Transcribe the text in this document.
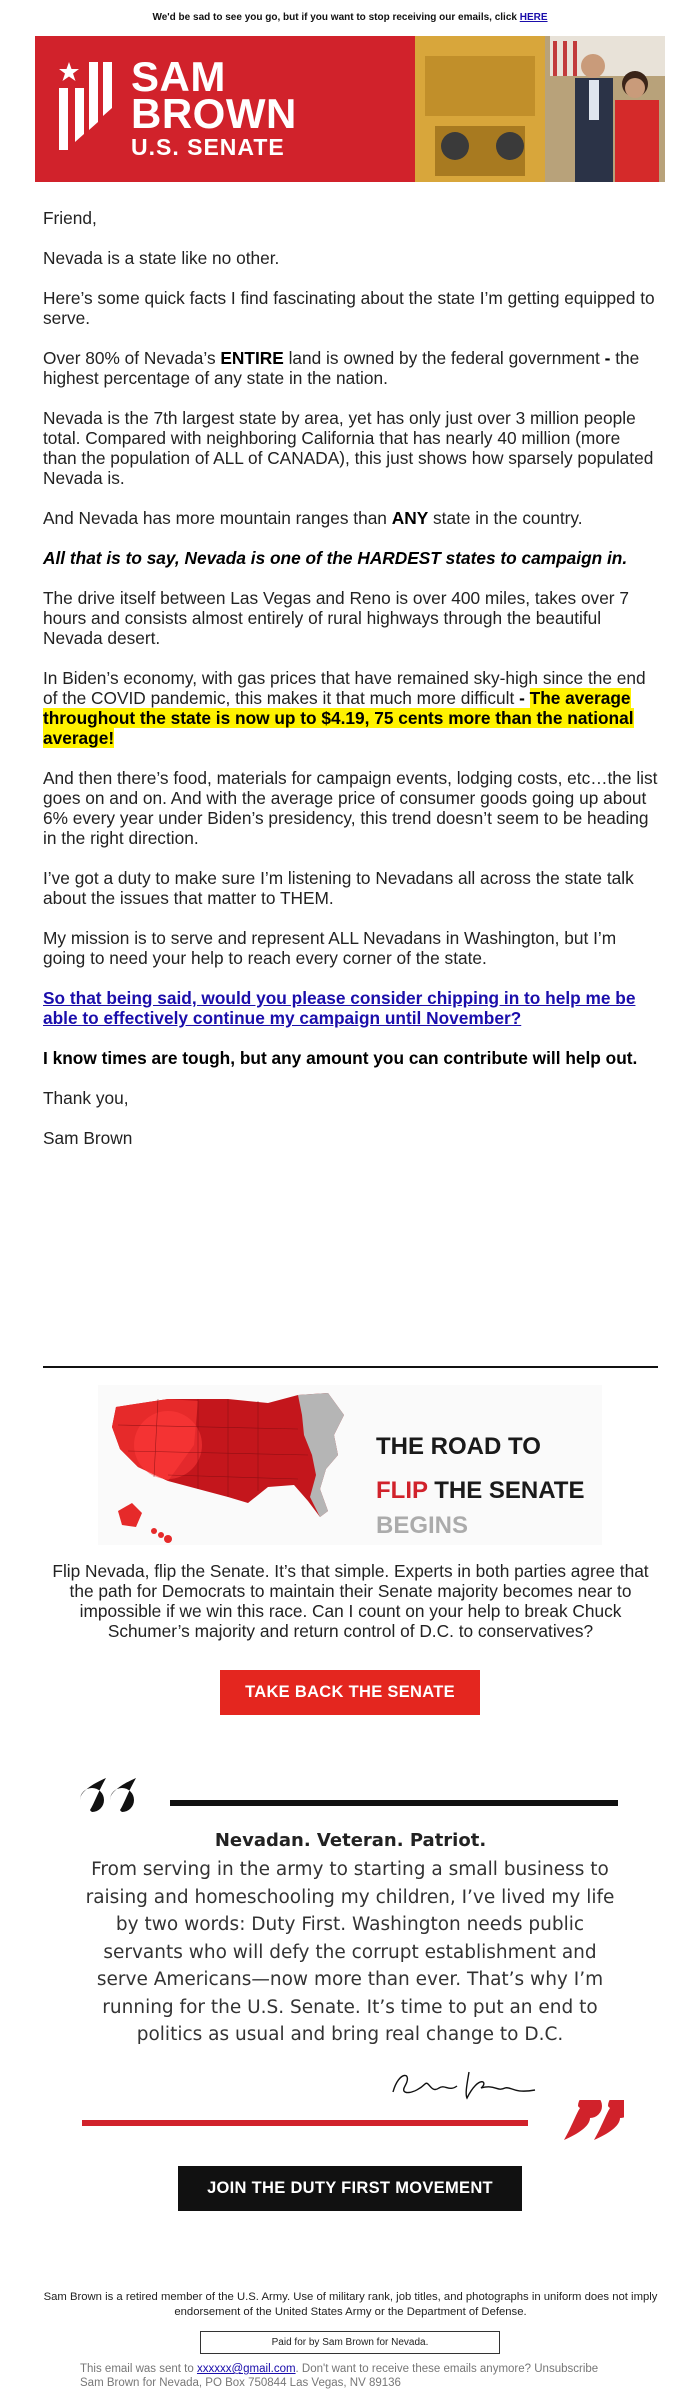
We'd be sad to see you go, but if you want to stop receiving our emails, click HERE
SAM
BROWN
U.S. SENATE

Friend,

Nevada is a state like no other.

Here’s some quick facts I find fascinating about the state I’m getting equipped to serve.

Over 80% of Nevada’s ENTIRE land is owned by the federal government - the highest percentage of any state in the nation.

Nevada is the 7th largest state by area, yet has only just over 3 million people total. Compared with neighboring California that has nearly 40 million (more than the population of ALL of CANADA), this just shows how sparsely populated Nevada is.

And Nevada has more mountain ranges than ANY state in the country.

All that is to say, Nevada is one of the HARDEST states to campaign in.

The drive itself between Las Vegas and Reno is over 400 miles, takes over 7 hours and consists almost entirely of rural highways through the beautiful Nevada desert.

In Biden’s economy, with gas prices that have remained sky-high since the end of the COVID pandemic, this makes it that much more difficult - The average throughout the state is now up to $4.19, 75 cents more than the national average!

And then there’s food, materials for campaign events, lodging costs, etc…the list goes on and on. And with the average price of consumer goods going up about 6% every year under Biden’s presidency, this trend doesn’t seem to be heading in the right direction.

I’ve got a duty to make sure I’m listening to Nevadans all across the state talk about the issues that matter to THEM.

My mission is to serve and represent ALL Nevadans in Washington, but I’m going to need your help to reach every corner of the state.

So that being said, would you please consider chipping in to help me be able to effectively continue my campaign until November?

I know times are tough, but any amount you can contribute will help out.

Thank you,

Sam Brown

THE ROAD TO
FLIP THE SENATE
BEGINS
Flip Nevada, flip the Senate. It’s that simple. Experts in both parties agree that the path for Democrats to maintain their Senate majority becomes near to impossible if we win this race. Can I count on your help to break Chuck Schumer’s majority and return control of D.C. to conservatives?
TAKE BACK THE SENATE
Nevadan. Veteran. Patriot.
From serving in the army to starting a small business to raising and homeschooling my children, I’ve lived my life by two words: Duty First. Washington needs public servants who will defy the corrupt establishment and serve Americans—now more than ever. That’s why I’m running for the U.S. Senate. It’s time to put an end to politics as usual and bring real change to D.C.
JOIN THE DUTY FIRST MOVEMENT
Sam Brown is a retired member of the U.S. Army. Use of military rank, job titles, and photographs in uniform does not imply endorsement of the United States Army or the Department of Defense.
Paid for by Sam Brown for Nevada.
This email was sent to xxxxxx@gmail.com. Don't want to receive these emails anymore? Unsubscribe
Sam Brown for Nevada, PO Box 750844 Las Vegas, NV 89136
